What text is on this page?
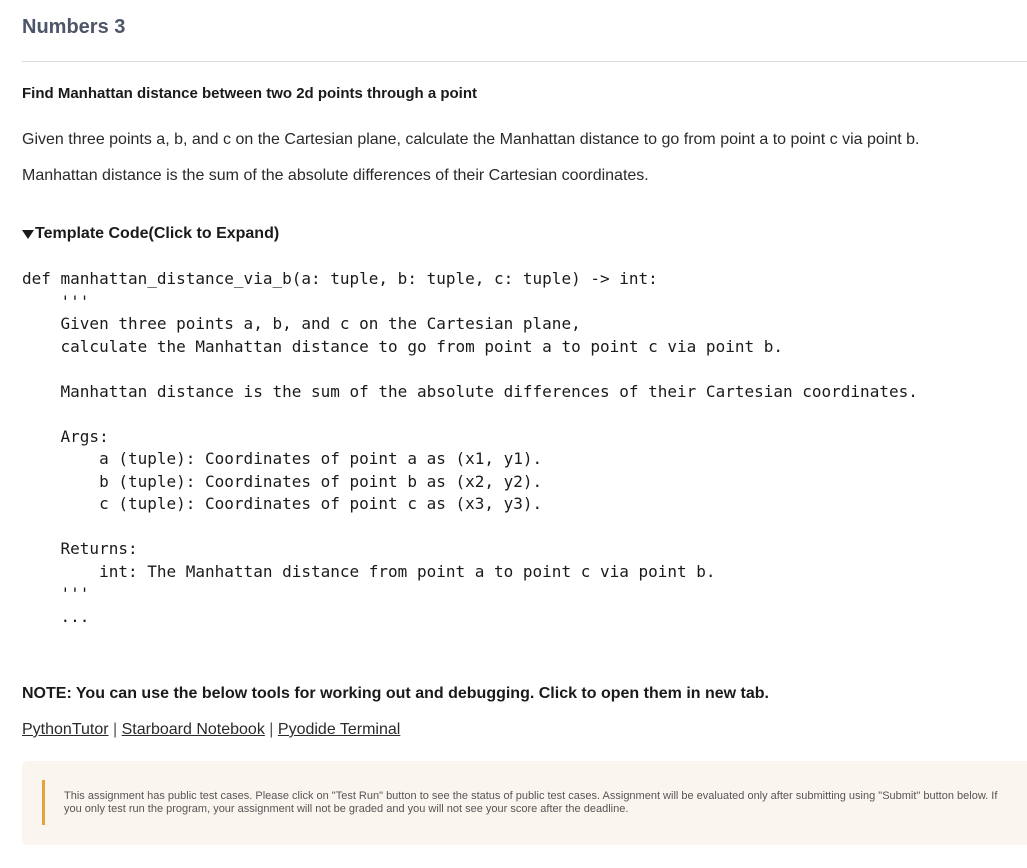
Numbers 3

Find Manhattan distance between two 2d points through a point

Given three points a, b, and c on the Cartesian plane, calculate the Manhattan distance to go from point a to point c via point b.

Manhattan distance is the sum of the absolute differences of their Cartesian coordinates.

Template Code(Click to Expand)
def manhattan_distance_via_b(a: tuple, b: tuple, c: tuple) -> int:
'''
Given three points a, b, and c on the Cartesian plane,
calculate the Manhattan distance to go from point a to point c via point b.

Manhattan distance is the sum of the absolute differences of their Cartesian coordinates.

Args:
a (tuple): Coordinates of point a as (x1, y1).
b (tuple): Coordinates of point b as (x2, y2).
c (tuple): Coordinates of point c as (x3, y3).

Returns:
int: The Manhattan distance from point a to point c via point b.
'''
...

NOTE: You can use the below tools for working out and debugging. Click to open them in new tab.

PythonTutor | Starboard Notebook | Pyodide Terminal

This assignment has public test cases. Please click on "Test Run" button to see the status of public test cases. Assignment will be evaluated only after submitting using "Submit" button below. If you only test run the program, your assignment will not be graded and you will not see your score after the deadline.
